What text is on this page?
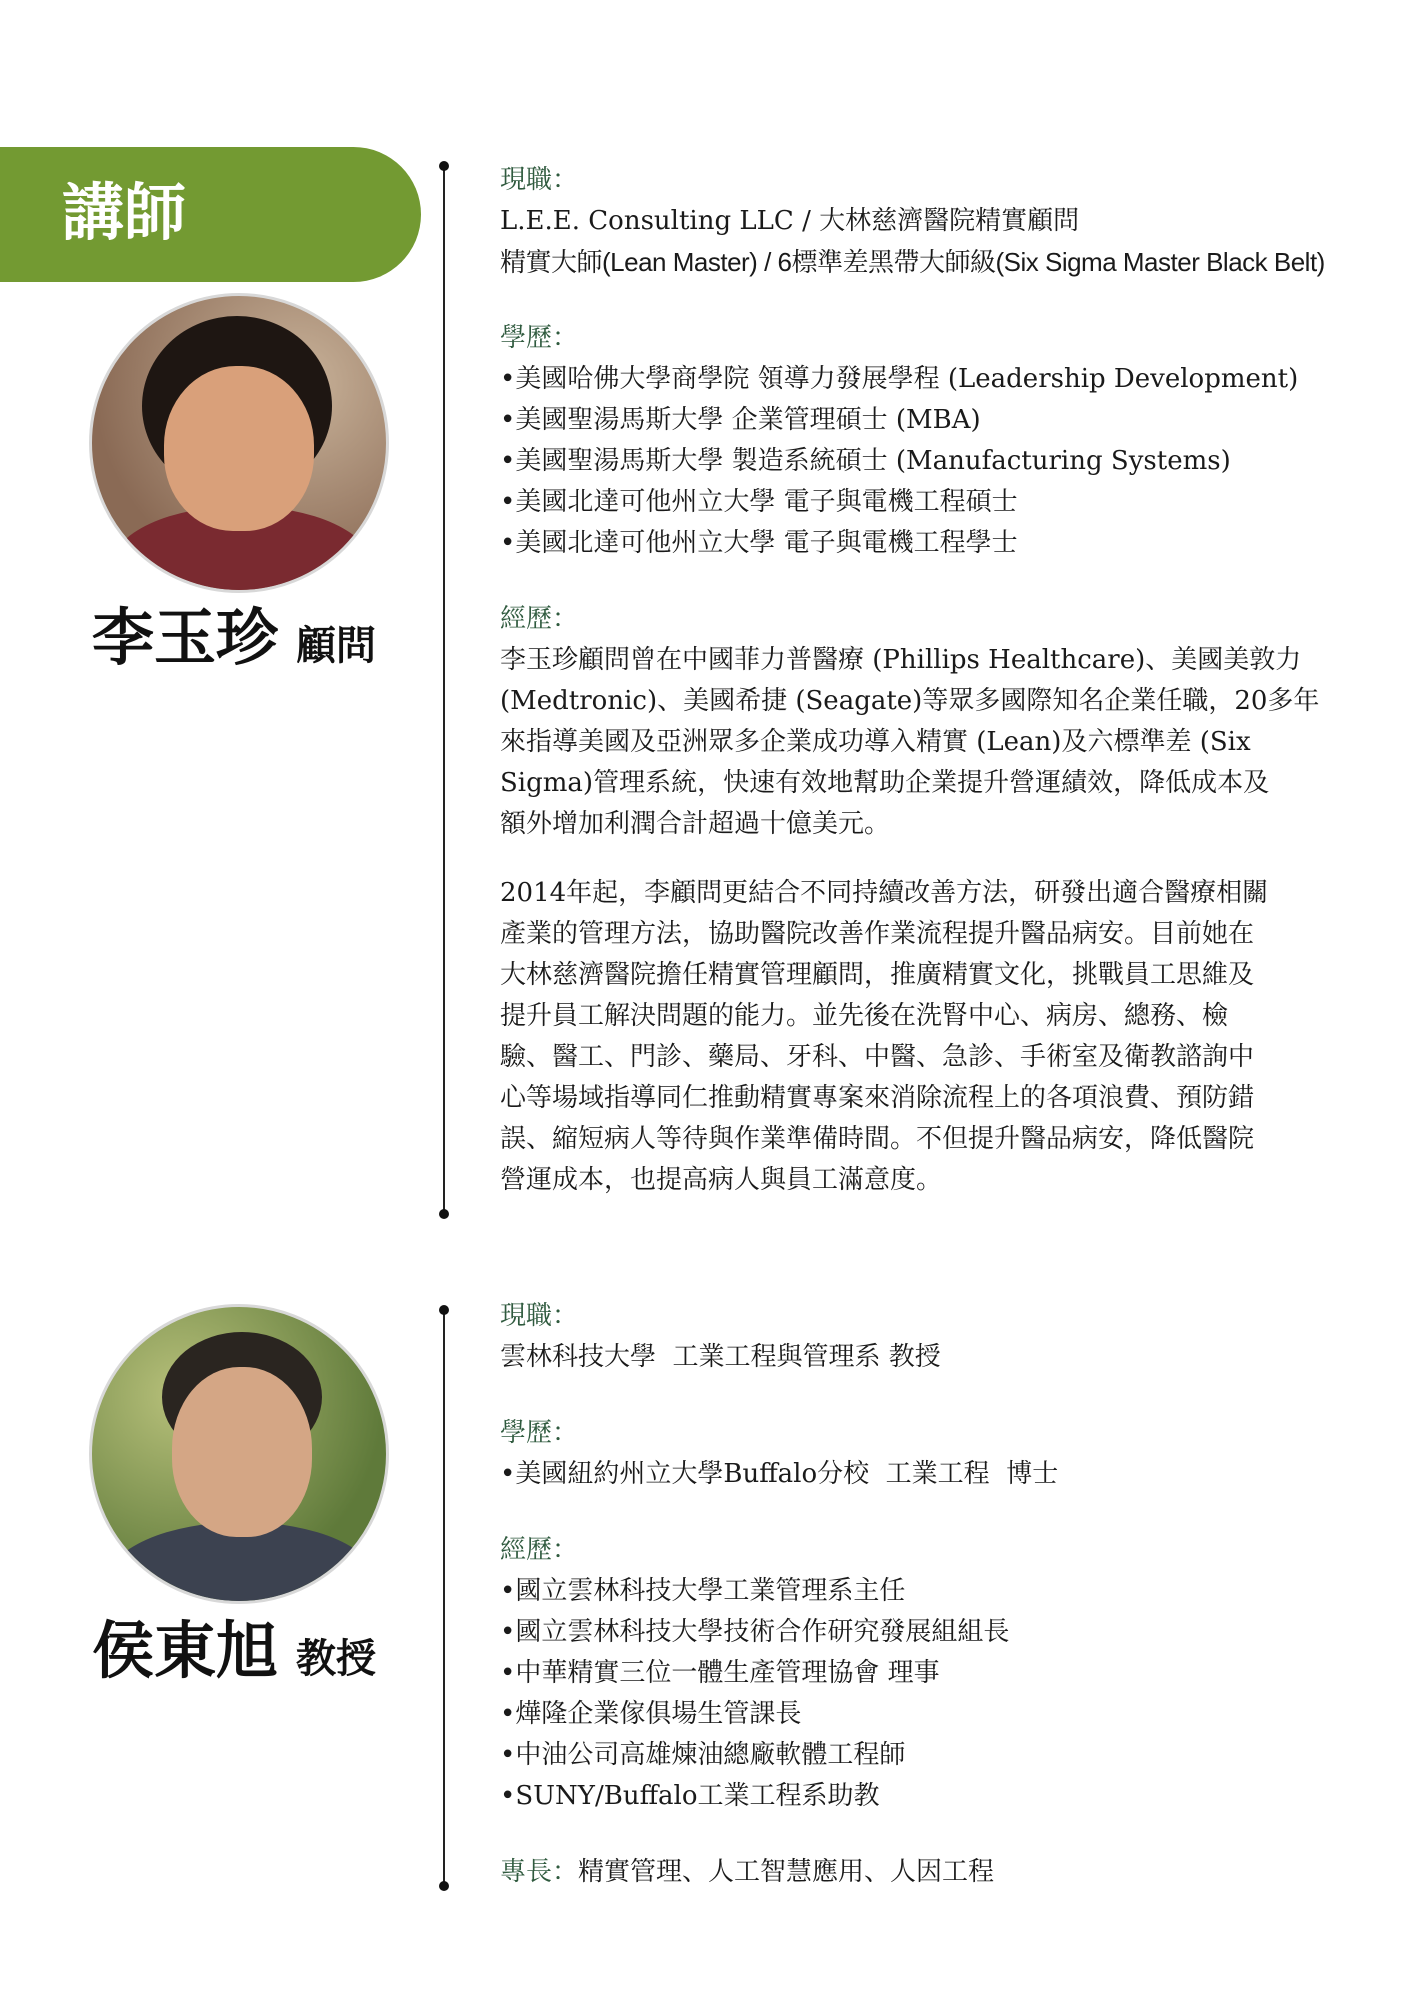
講師
李玉珍 顧問
現職：
L.E.E. Consulting LLC / 大林慈濟醫院精實顧問
精實大師(Lean Master) / 6標準差黑帶大師級(Six Sigma Master Black Belt)
學歷：
•美國哈佛大學商學院 領導力發展學程 (Leadership Development)
•美國聖湯馬斯大學 企業管理碩士 (MBA)
•美國聖湯馬斯大學 製造系統碩士 (Manufacturing Systems)
•美國北達可他州立大學 電子與電機工程碩士
•美國北達可他州立大學 電子與電機工程學士
經歷：
李玉珍顧問曾在中國菲力普醫療 (Phillips Healthcare)、美國美敦力
(Medtronic)、美國希捷 (Seagate)等眾多國際知名企業任職，20多年
來指導美國及亞洲眾多企業成功導入精實 (Lean)及六標準差 (Six
Sigma)管理系統，快速有效地幫助企業提升營運績效，降低成本及
額外增加利潤合計超過十億美元。
2014年起，李顧問更結合不同持續改善方法，研發出適合醫療相關
產業的管理方法，協助醫院改善作業流程提升醫品病安。目前她在
大林慈濟醫院擔任精實管理顧問，推廣精實文化，挑戰員工思維及
提升員工解決問題的能力。並先後在洗腎中心、病房、總務、檢
驗、醫工、門診、藥局、牙科、中醫、急診、手術室及衛教諮詢中
心等場域指導同仁推動精實專案來消除流程上的各項浪費、預防錯
誤、縮短病人等待與作業準備時間。不但提升醫品病安，降低醫院
營運成本，也提高病人與員工滿意度。
侯東旭 教授
現職：
雲林科技大學  工業工程與管理系 教授
學歷：
•美國紐約州立大學Buffalo分校  工業工程  博士
經歷：
•國立雲林科技大學工業管理系主任
•國立雲林科技大學技術合作研究發展組組長
•中華精實三位一體生產管理協會 理事
•燁隆企業傢俱場生管課長
•中油公司高雄煉油總廠軟體工程師
•SUNY/Buffalo工業工程系助教
專長：精實管理、人工智慧應用、人因工程
